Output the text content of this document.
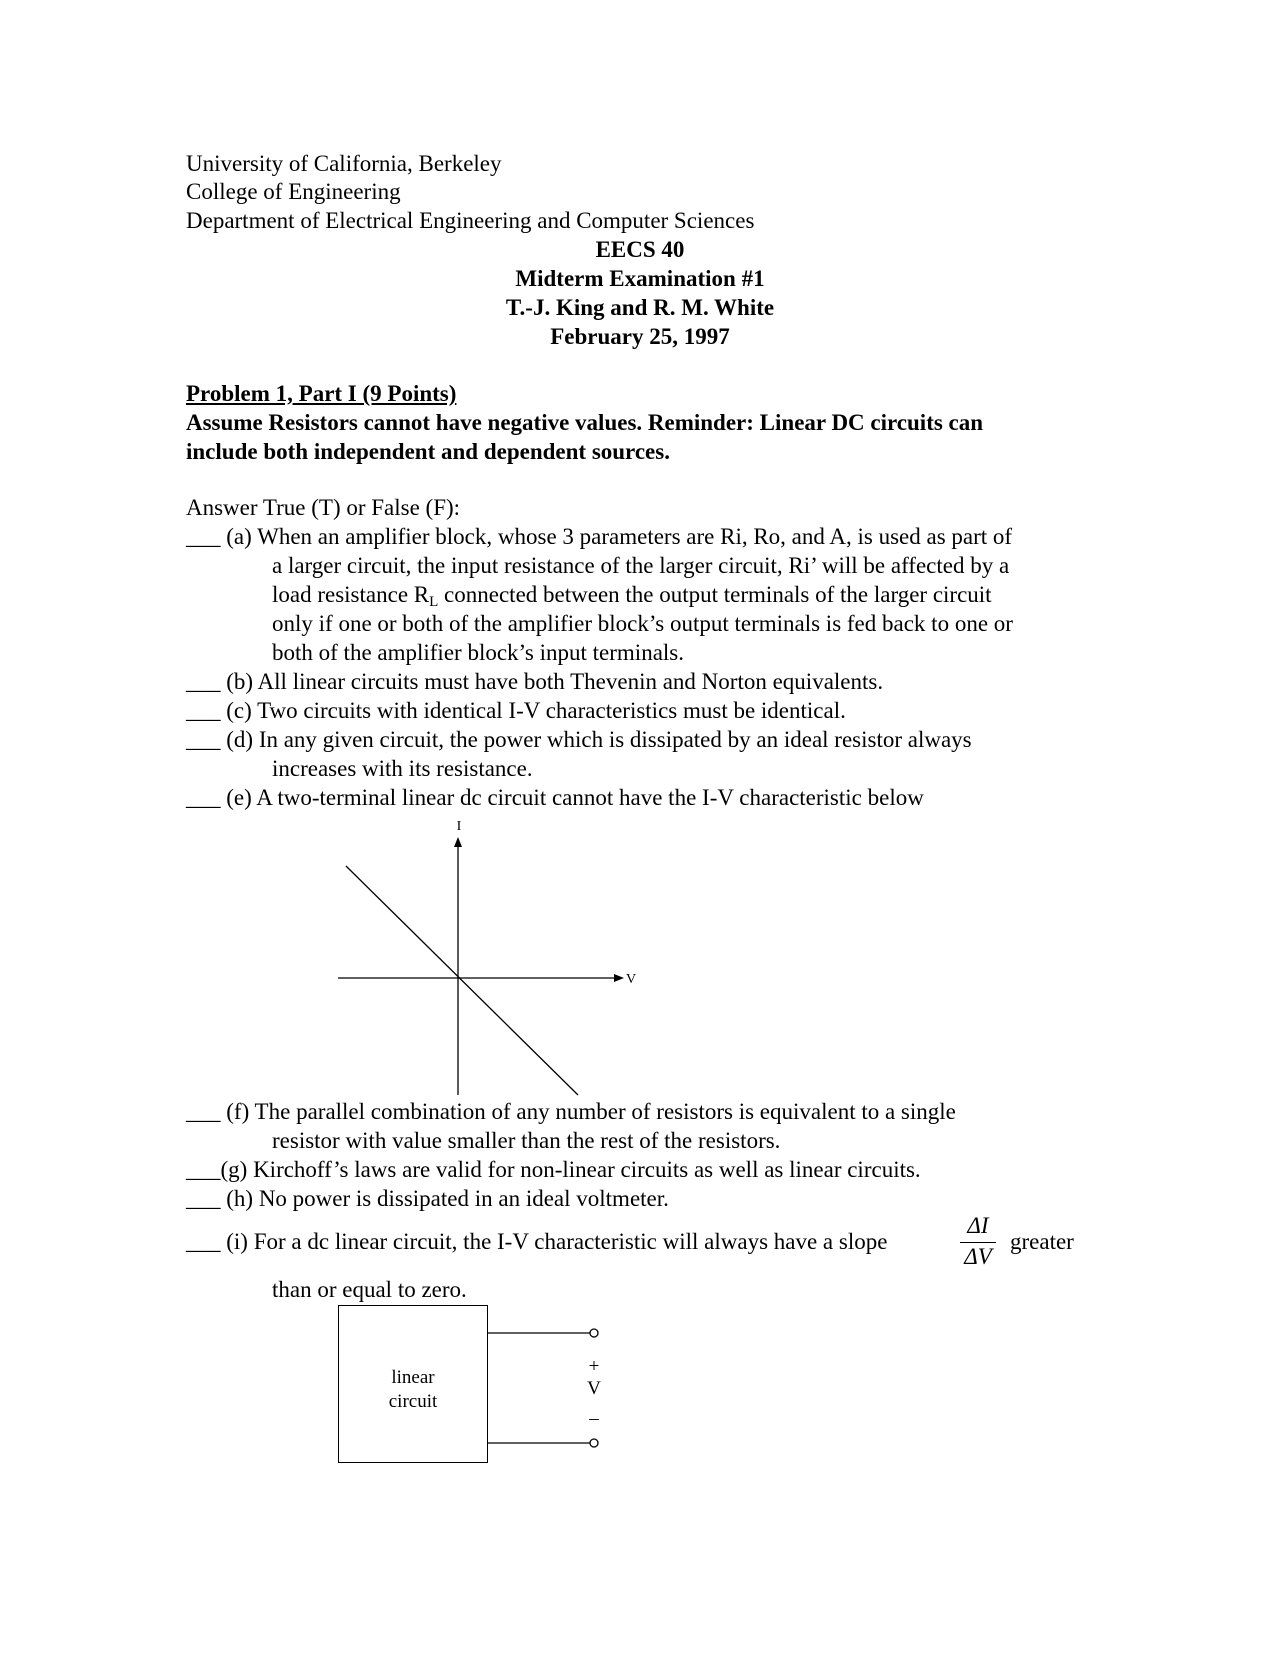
University of California, Berkeley
College of Engineering
Department of Electrical Engineering and Computer Sciences
EECS 40
Midterm Examination #1
T.-J. King and R. M. White
February 25, 1997
Problem 1, Part I (9 Points)
Assume Resistors cannot have negative values. Reminder: Linear DC circuits can
include both independent and dependent sources.
Answer True (T) or False (F):
___ (a) When an amplifier block, whose 3 parameters are Ri, Ro, and A, is used as part of
a larger circuit, the input resistance of the larger circuit, Ri’ will be affected by a
load resistance $R_L$ connected between the output terminals of the larger circuit
only if one or both of the amplifier block’s output terminals is fed back to one or
both of the amplifier block’s input terminals.
___ (b) All linear circuits must have both Thevenin and Norton equivalents.
___ (c) Two circuits with identical I-V characteristics must be identical.
___ (d) In any given circuit, the power which is dissipated by an ideal resistor always
increases with its resistance.
___ (e) A two-terminal linear dc circuit cannot have the I-V characteristic below
I
V
___ (f) The parallel combination of any number of resistors is equivalent to a single
resistor with value smaller than the rest of the resistors.
___(g) Kirchoff’s laws are valid for non-linear circuits as well as linear circuits.
___ (h) No power is dissipated in an ideal voltmeter.
___ (i) For a dc linear circuit, the I-V characteristic will always have a slope
ΔI
ΔV
greater
than or equal to zero.
linear
circuit
+
V
–
